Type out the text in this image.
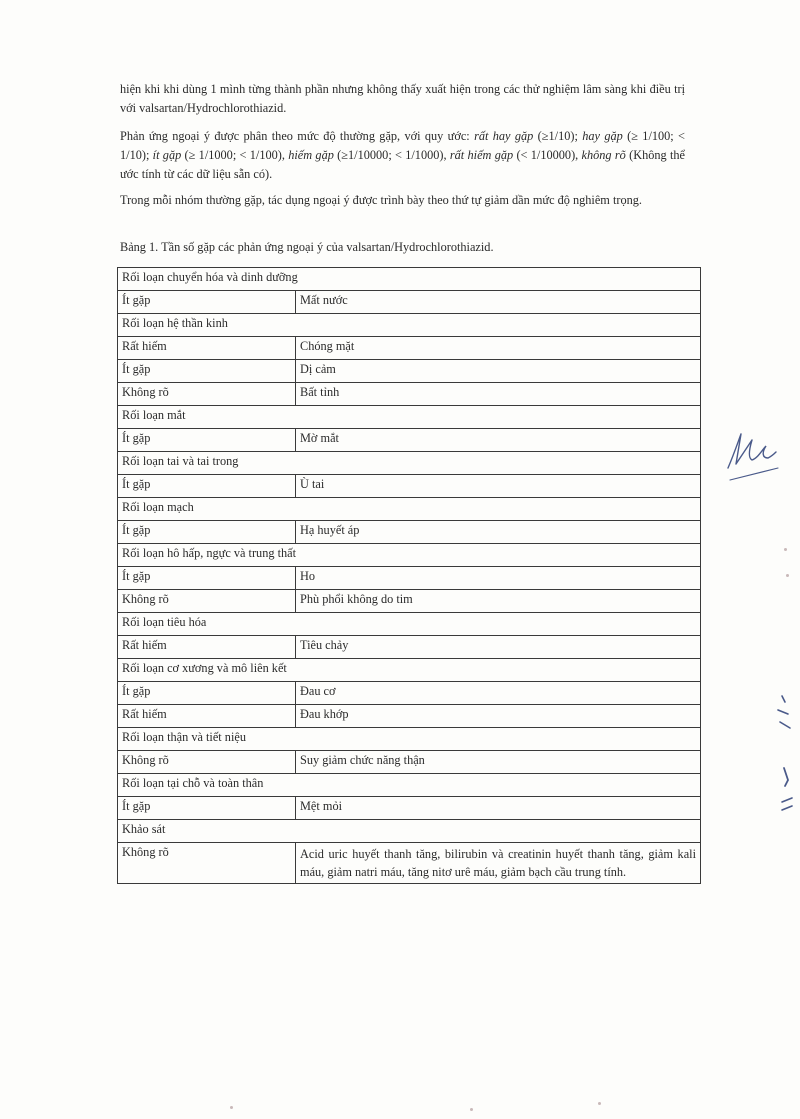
hiện khi khi dùng 1 mình từng thành phần nhưng không thấy xuất hiện trong các thử nghiệm lâm sàng khi điều trị với valsartan/Hydrochlorothiazid.

Phản ứng ngoại ý được phân theo mức độ thường gặp, với quy ước: rất hay gặp (≥1/10); hay gặp (≥ 1/100; < 1/10); ít gặp (≥ 1/1000; < 1/100), hiếm gặp (≥1/10000; < 1/1000), rất hiếm gặp (< 1/10000), không rõ (Không thể ước tính từ các dữ liệu sẵn có).

Trong mỗi nhóm thường gặp, tác dụng ngoại ý được trình bày theo thứ tự giảm dần mức độ nghiêm trọng.

Bảng 1. Tần số gặp các phản ứng ngoại ý của valsartan/Hydrochlorothiazid.

Rối loạn chuyển hóa và dinh dưỡng	
Ít gặp	Mất nước
Rối loạn hệ thần kinh	
Rất hiếm	Chóng mặt
Ít gặp	Dị cảm
Không rõ	Bất tỉnh
Rối loạn mắt	
Ít gặp	Mờ mắt
Rối loạn tai và tai trong	
Ít gặp	Ù tai
Rối loạn mạch	
Ít gặp	Hạ huyết áp
Rối loạn hô hấp, ngực và trung thất	
Ít gặp	Ho
Không rõ	Phù phổi không do tim
Rối loạn tiêu hóa	
Rất hiếm	Tiêu chảy
Rối loạn cơ xương và mô liên kết	
Ít gặp	Đau cơ
Rất hiếm	Đau khớp
Rối loạn thận và tiết niệu	
Không rõ	Suy giảm chức năng thận
Rối loạn tại chỗ và toàn thân	
Ít gặp	Mệt mỏi
Khảo sát	
Không rõ	Acid uric huyết thanh tăng, bilirubin và creatinin huyết thanh tăng, giảm kali máu, giảm natri máu, tăng nitơ urê máu, giảm bạch cầu trung tính.
